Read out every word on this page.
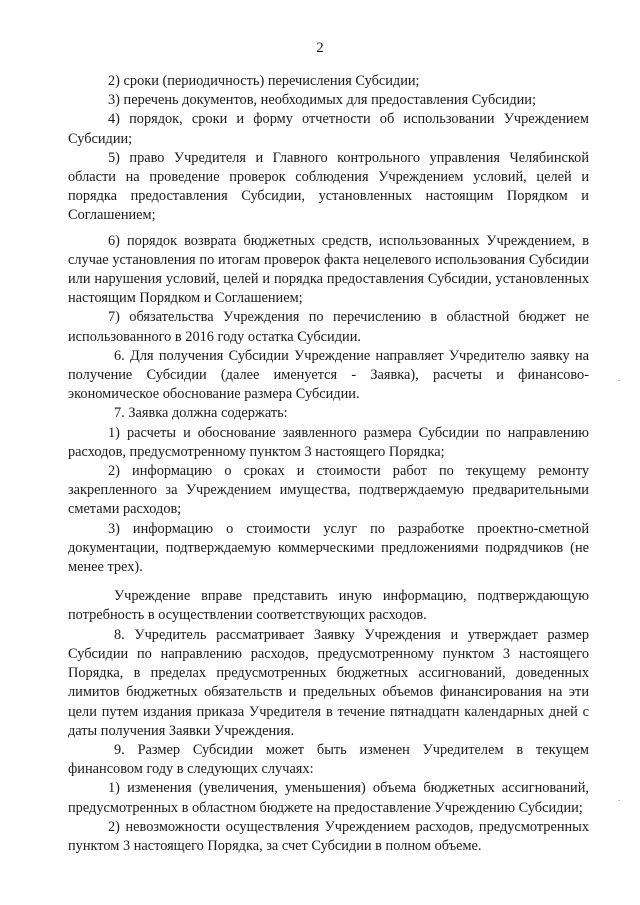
2

2) сроки (периодичность) перечисления Субсидии;

3) перечень документов, необходимых для предоставления Субсидии;

4) порядок, сроки и форму отчетности об использовании Учреждением Субсидии;

5) право Учредителя и Главного контрольного управления Челябинской области на проведение проверок соблюдения Учреждением условий, целей и порядка предоставления Субсидии, установленных настоящим Порядком и Соглашением;

6) порядок возврата бюджетных средств, использованных Учреждением, в случае установления по итогам проверок факта нецелевого использования Субсидии или нарушения условий, целей и порядка предоставления Субсидии, установленных настоящим Порядком и Соглашением;

7) обязательства Учреждения по перечислению в областной бюджет не использованного в 2016 году остатка Субсидии.

6. Для получения Субсидии Учреждение направляет Учредителю заявку на получение Субсидии (далее именуется - Заявка), расчеты и финансово-экономическое обоснование размера Субсидии.

7. Заявка должна содержать:

1) расчеты и обоснование заявленного размера Субсидии по направлению расходов, предусмотренному пунктом 3 настоящего Порядка;

2) информацию о сроках и стоимости работ по текущему ремонту закрепленного за Учреждением имущества, подтверждаемую предварительными сметами расходов;

3) информацию о стоимости услуг по разработке проектно-сметной документации, подтверждаемую коммерческими предложениями подрядчиков (не менее трех).

Учреждение вправе представить иную информацию, подтверждающую потребность в осуществлении соответствующих расходов.

8. Учредитель рассматривает Заявку Учреждения и утверждает размер Субсидии по направлению расходов, предусмотренному пунктом 3 настоящего Порядка, в пределах предусмотренных бюджетных ассигнований, доведенных лимитов бюджетных обязательств и предельных объемов финансирования на эти цели путем издания приказа Учредителя в течение пятнадцатн календарных дней с даты получения Заявки Учреждения.

9. Размер Субсидии может быть изменен Учредителем в текущем финансовом году в следующих случаях:

1) изменения (увеличения, уменьшения) объема бюджетных ассигнований, предусмотренных в областном бюджете на предоставление Учреждению Субсидии;

2) невозможности осуществления Учреждением расходов, предусмотренных пунктом 3 настоящего Порядка, за счет Субсидии в полном объеме.
